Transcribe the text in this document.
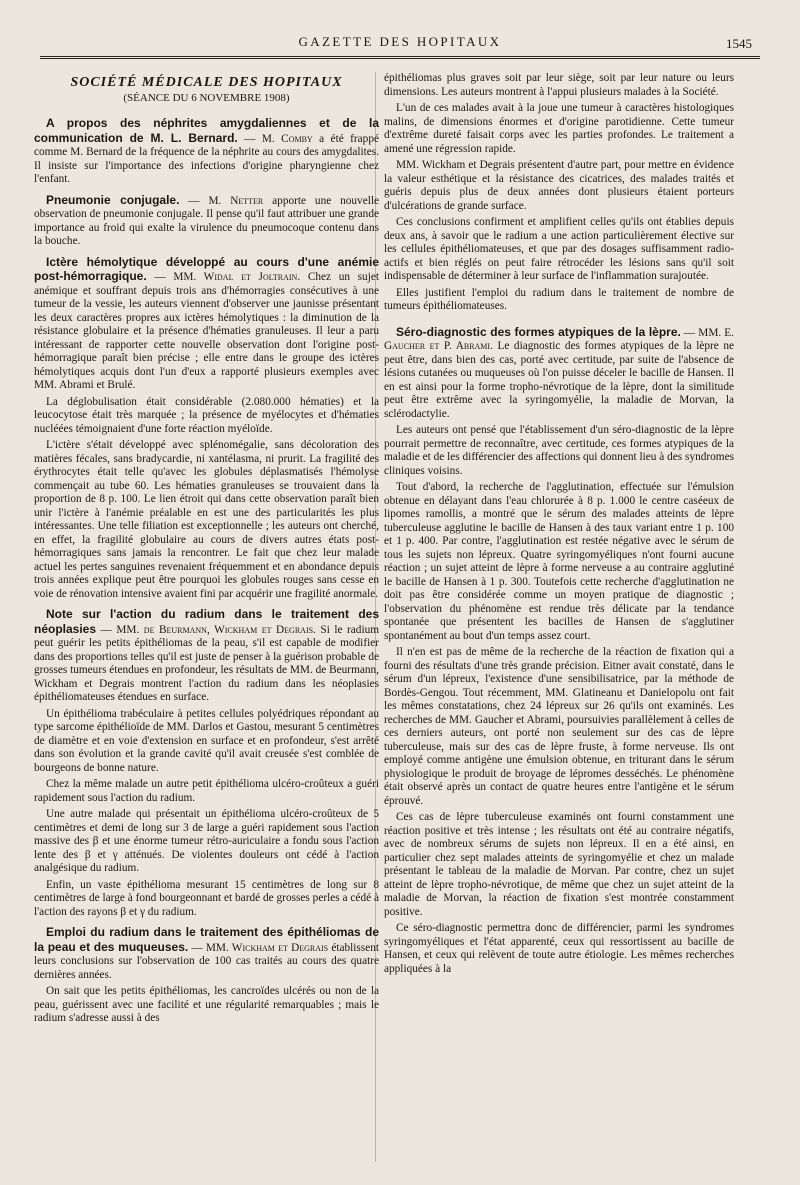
GAZETTE DES HOPITAUX	1545
SOCIÉTÉ MÉDICALE DES HOPITAUX
(SÉANCE DU 6 NOVEMBRE 1908)

A propos des néphrites amygdaliennes et de la communication de M. L. Bernard. — M. Comby a été frappé comme M. Bernard de la fréquence de la néphrite au cours des amygdalites. Il insiste sur l'importance des infections d'origine pharyngienne chez l'enfant.

Pneumonie conjugale. — M. Netter apporte une nouvelle observation de pneumonie conjugale. Il pense qu'il faut attribuer une grande importance au froid qui exalte la virulence du pneumocoque contenu dans la bouche.

Ictère hémolytique développé au cours d'une anémie post-hémorragique. — MM. Widal et Joltrain. Chez un sujet anémique et souffrant depuis trois ans d'hémorragies consécutives à une tumeur de la vessie, les auteurs viennent d'observer une jaunisse présentant les deux caractères propres aux ictères hémolytiques : la diminution de la résistance globulaire et la présence d'hématies granuleuses. Il leur a paru intéressant de rapporter cette nouvelle observation dont l'origine post-hémorragique paraît bien précise ; elle entre dans le groupe des ictères hémolytiques acquis dont l'un d'eux a rapporté plusieurs exemples avec MM. Abrami et Brulé.

La déglobulisation était considérable (2.080.000 hématies) et la leucocytose était très marquée ; la présence de myélocytes et d'hématies nucléées témoignaient d'une forte réaction myéloïde.

L'ictère s'était développé avec splénomégalie, sans décoloration des matières fécales, sans bradycardie, ni xantélasma, ni prurit. La fragilité des érythrocytes était telle qu'avec les globules déplasmatisés l'hémolyse commençait au tube 60. Les hématies granuleuses se trouvaient dans la proportion de 8 p. 100. Le lien étroit qui dans cette observation paraît bien unir l'ictère à l'anémie préalable en est une des particularités les plus intéressantes. Une telle filiation est exceptionnelle ; les auteurs ont cherché, en effet, la fragilité globulaire au cours de divers autres états post-hémorragiques sans jamais la rencontrer. Le fait que chez leur malade actuel les pertes sanguines revenaient fréquemment et en abondance depuis trois années explique peut être pourquoi les globules rouges sans cesse en voie de rénovation intensive avaient fini par acquérir une fragilité anormale.

Note sur l'action du radium dans le traitement des néoplasies — MM. de Beurmann, Wickham et Degrais. Si le radium peut guérir les petits épithéliomas de la peau, s'il est capable de modifier dans des proportions telles qu'il est juste de penser à la guérison probable de grosses tumeurs étendues en profondeur, les résultats de MM. de Beurmann, Wickham et Degrais montrent l'action du radium dans les néoplasies épithéliomateuses étendues en surface.

Un épithélioma trabéculaire à petites cellules polyédriques répondant au type sarcome épithélioïde de MM. Darlos et Gastou, mesurant 5 centimètres de diamètre et en voie d'extension en surface et en profondeur, s'est arrêté dans son évolution et la grande cavité qu'il avait creusée s'est comblée de bourgeons de bonne nature.

Chez la même malade un autre petit épithélioma ulcéro-croûteux a guéri rapidement sous l'action du radium.

Une autre malade qui présentait un épithélioma ulcéro-croûteux de 5 centimètres et demi de long sur 3 de large a guéri rapidement sous l'action massive des β et une énorme tumeur rétro-auriculaire a fondu sous l'action lente des β et γ atténués. De violentes douleurs ont cédé à l'action analgésique du radium.

Enfin, un vaste épithélioma mesurant 15 centimètres de long sur 8 centimètres de large à fond bourgeonnant et bardé de grosses perles a cédé à l'action des rayons β et γ du radium.

Emploi du radium dans le traitement des épithéliomas de la peau et des muqueuses. — MM. Wickham et Degrais établissent leurs conclusions sur l'observation de 100 cas traités au cours des quatre dernières années.

On sait que les petits épithéliomas, les cancroïdes ulcérés ou non de la peau, guérissent avec une facilité et une régularité remarquables ; mais le radium s'adresse aussi à des

épithéliomas plus graves soit par leur siège, soit par leur nature ou leurs dimensions. Les auteurs montrent à l'appui plusieurs malades à la Société.

L'un de ces malades avait à la joue une tumeur à caractères histologiques malins, de dimensions énormes et d'origine parotidienne. Cette tumeur d'extrême dureté faisait corps avec les parties profondes. Le traitement a amené une régression rapide.

MM. Wickham et Degrais présentent d'autre part, pour mettre en évidence la valeur esthétique et la résistance des cicatrices, des malades traités et guéris depuis plus de deux années dont plusieurs étaient porteurs d'ulcérations de grande surface.

Ces conclusions confirment et amplifient celles qu'ils ont établies depuis deux ans, à savoir que le radium a une action particulièrement élective sur les cellules épithéliomateuses, et que par des dosages suffisamment radio-actifs et bien réglés on peut faire rétrocéder les lésions sans qu'il soit indispensable de déterminer à leur surface de l'inflammation surajoutée.

Elles justifient l'emploi du radium dans le traitement de nombre de tumeurs épithéliomateuses.

Séro-diagnostic des formes atypiques de la lèpre. — MM. E. Gaucher et P. Abrami. Le diagnostic des formes atypiques de la lèpre ne peut être, dans bien des cas, porté avec certitude, par suite de l'absence de lésions cutanées ou muqueuses où l'on puisse déceler le bacille de Hansen. Il en est ainsi pour la forme tropho-névrotique de la lèpre, dont la similitude peut être extrême avec la syringomyélie, la maladie de Morvan, la sclérodactylie.

Les auteurs ont pensé que l'établissement d'un séro-diagnostic de la lèpre pourrait permettre de reconnaître, avec certitude, ces formes atypiques de la maladie et de les différencier des affections qui donnent lieu à des syndromes cliniques voisins.

Tout d'abord, la recherche de l'agglutination, effectuée sur l'émulsion obtenue en délayant dans l'eau chlorurée à 8 p. 1.000 le centre caséeux de lipomes ramollis, a montré que le sérum des malades atteints de lèpre tuberculeuse agglutine le bacille de Hansen à des taux variant entre 1 p. 100 et 1 p. 400. Par contre, l'agglutination est restée négative avec le sérum de tous les sujets non lépreux. Quatre syringomyéliques n'ont fourni aucune réaction ; un sujet atteint de lèpre à forme nerveuse a au contraire agglutiné le bacille de Hansen à 1 p. 300. Toutefois cette recherche d'agglutination ne doit pas être considérée comme un moyen pratique de diagnostic ; l'observation du phénomène est rendue très délicate par la tendance spontanée que présentent les bacilles de Hansen de s'agglutiner spontanément au bout d'un temps assez court.

Il n'en est pas de même de la recherche de la réaction de fixation qui a fourni des résultats d'une très grande précision. Eitner avait constaté, dans le sérum d'un lépreux, l'existence d'une sensibilisatrice, par la méthode de Bordès-Gengou. Tout récemment, MM. Glatineanu et Danielopolu ont fait les mêmes constatations, chez 24 lépreux sur 26 qu'ils ont examinés. Les recherches de MM. Gaucher et Abrami, poursuivies parallèlement à celles de ces derniers auteurs, ont porté non seulement sur des cas de lèpre tuberculeuse, mais sur des cas de lèpre fruste, à forme nerveuse. Ils ont employé comme antigène une émulsion obtenue, en triturant dans le sérum physiologique le produit de broyage de lépromes desséchés. Le phénomène était observé après un contact de quatre heures entre l'antigène et le sérum éprouvé.

Ces cas de lèpre tuberculeuse examinés ont fourni constamment une réaction positive et très intense ; les résultats ont été au contraire négatifs, avec de nombreux sérums de sujets non lépreux. Il en a été ainsi, en particulier chez sept malades atteints de syringomyélie et chez un malade présentant le tableau de la maladie de Morvan. Par contre, chez un sujet atteint de lèpre tropho-névrotique, de même que chez un sujet atteint de la maladie de Morvan, la réaction de fixation s'est montrée constamment positive.

Ce séro-diagnostic permettra donc de différencier, parmi les syndromes syringomyéliques et l'état apparenté, ceux qui ressortissent au bacille de Hansen, et ceux qui relèvent de toute autre étiologie. Les mêmes recherches appliquées à la
